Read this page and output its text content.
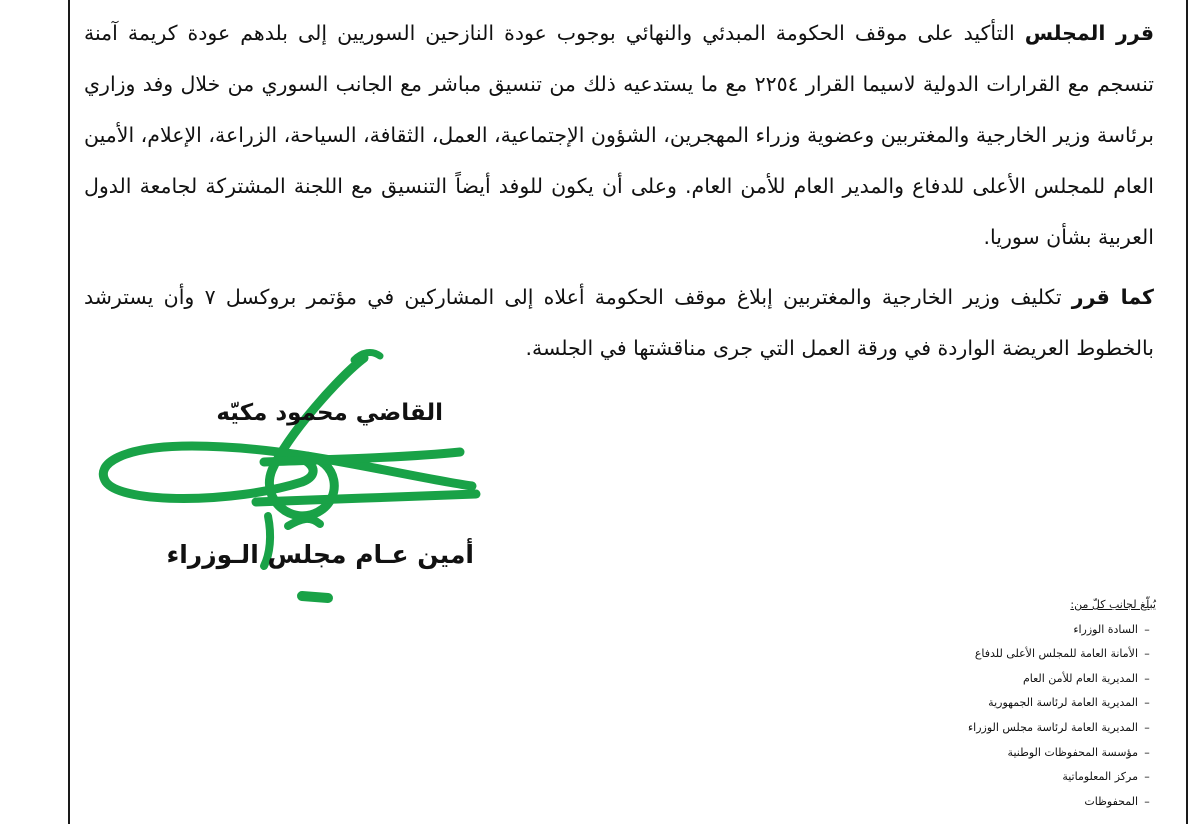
قرر المجلس التأكيد على موقف الحكومة المبدئي والنهائي بوجوب عودة النازحين السوريين إلى بلدهم عودة كريمة آمنة تنسجم مع القرارات الدولية لاسيما القرار ٢٢٥٤ مع ما يستدعيه ذلك من تنسيق مباشر مع الجانب السوري من خلال وفد وزاري برئاسة وزير الخارجية والمغتربين وعضوية وزراء المهجرين، الشؤون الإجتماعية، العمل، الثقافة، السياحة، الزراعة، الإعلام، الأمين العام للمجلس الأعلى للدفاع والمدير العام للأمن العام. وعلى أن يكون للوفد أيضاً التنسيق مع اللجنة المشتركة لجامعة الدول العربية بشأن سوريا.

كما قرر تكليف وزير الخارجية والمغتربين إبلاغ موقف الحكومة أعلاه إلى المشاركين في مؤتمر بروكسل ٧ وأن يسترشد بالخطوط العريضة الواردة في ورقة العمل التي جرى مناقشتها في الجلسة.

القاضي محمود مكيّه
أمين عـام مجلس الـوزراء
يُبلّغ لجانب كلّ من:
–السادة الوزراء
–الأمانة العامة للمجلس الأعلى للدفاع
–المديرية العام للأمن العام
–المديرية العامة لرئاسة الجمهورية
–المديرية العامة لرئاسة مجلس الوزراء
–مؤسسة المحفوظات الوطنية
–مركز المعلوماتية
–المحفوظات
